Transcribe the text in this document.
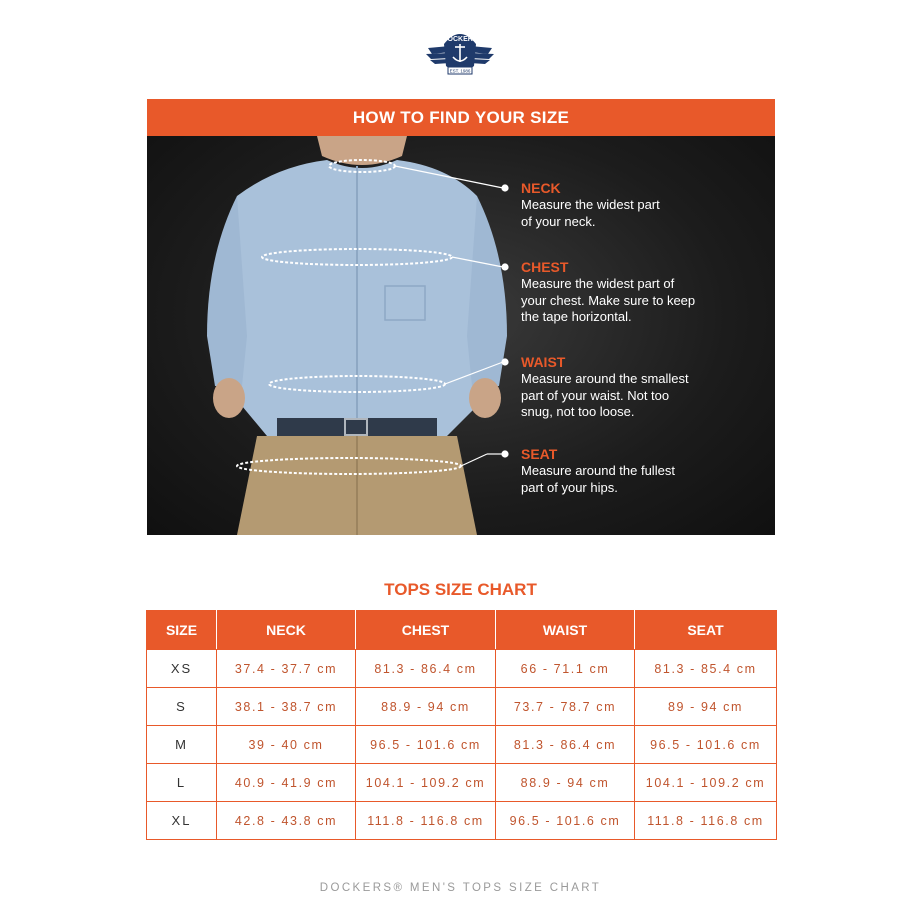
DOCKERS
EST. 1986
HOW TO FIND YOUR SIZE
NECK
Measure the widest part
of your neck.
CHEST
Measure the widest part of
your chest. Make sure to keep
the tape horizontal.
WAIST
Measure around the smallest
part of your waist. Not too
snug, not too loose.
SEAT
Measure around the fullest
part of your hips.
TOPS SIZE CHART
SIZE	NECK	CHEST	WAIST	SEAT
XS	37.4 - 37.7 cm	81.3 - 86.4 cm	66 - 71.1 cm	81.3 - 85.4 cm
S	38.1 - 38.7 cm	88.9 - 94 cm	73.7 - 78.7 cm	89 - 94 cm
M	39 - 40 cm	96.5 - 101.6 cm	81.3 - 86.4 cm	96.5 - 101.6 cm
L	40.9 - 41.9 cm	104.1 - 109.2 cm	88.9 - 94 cm	104.1 - 109.2 cm
XL	42.8 - 43.8 cm	111.8 - 116.8 cm	96.5 - 101.6 cm	111.8 - 116.8 cm
DOCKERS® MEN'S TOPS SIZE CHART
